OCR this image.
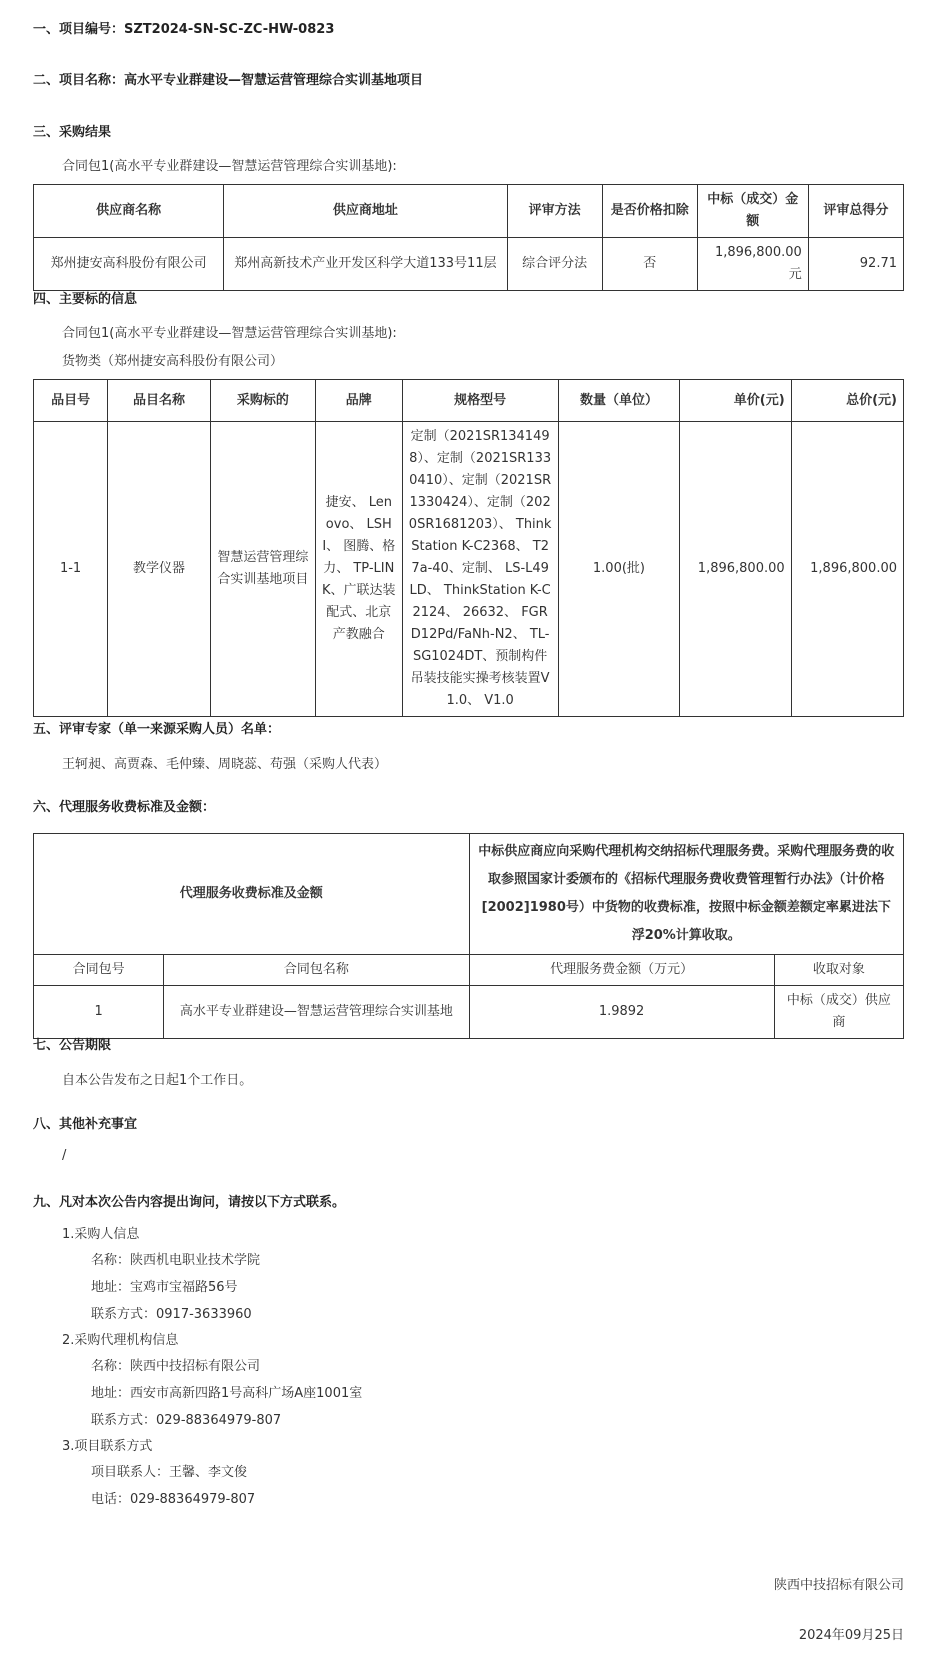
一、项目编号：SZT2024-SN-SC-ZC-HW-0823
二、项目名称：高水平专业群建设—智慧运营管理综合实训基地项目
三、采购结果
合同包1(高水平专业群建设—智慧运营管理综合实训基地):
供应商名称	供应商地址	评审方法	是否价格扣除	中标（成交）金额	评审总得分
郑州捷安高科股份有限公司	郑州高新技术产业开发区科学大道133号11层	综合评分法	否	1,896,800.00元	92.71
四、主要标的信息
合同包1(高水平专业群建设—智慧运营管理综合实训基地):
货物类（郑州捷安高科股份有限公司）
品目号	品目名称	采购标的	品牌	规格型号	数量（单位）	单价(元)	总价(元)
1-1	教学仪器	智慧运营管理综合实训基地项目	捷安、 Lenovo、 LSHI、 图腾、格力、 TP-LINK、广联达装配式、北京产教融合	定制（2021SR1341498）、定制（2021SR1330410）、定制（2021SR1330424）、定制（2020SR1681203）、 ThinkStation K-C2368、 T27a-40、定制、 LS-L49LD、 ThinkStation K-C2124、 26632、 FGRD12Pd/FaNh-N2、 TL-SG1024DT、预制构件吊装技能实操考核装置V1.0、 V1.0	1.00(批)	1,896,800.00	1,896,800.00
五、评审专家（单一来源采购人员）名单：
王轲昶、高贾森、毛仲臻、周晓蕊、苟强（采购人代表）
六、代理服务收费标准及金额：
代理服务收费标准及金额		中标供应商应向采购代理机构交纳招标代理服务费。采购代理服务费的收取参照国家计委颁布的《招标代理服务费收费管理暂行办法》（计价格[2002]1980号）中货物的收费标准，按照中标金额差额定率累进法下浮20%计算收取。	
合同包号	合同包名称	代理服务费金额（万元）	收取对象
1	高水平专业群建设—智慧运营管理综合实训基地	1.9892	中标（成交）供应商
七、公告期限
自本公告发布之日起1个工作日。
八、其他补充事宜
/
九、凡对本次公告内容提出询问，请按以下方式联系。
1.采购人信息
名称：陕西机电职业技术学院
地址：宝鸡市宝福路56号
联系方式：0917-3633960
2.采购代理机构信息
名称：陕西中技招标有限公司
地址：西安市高新四路1号高科广场A座1001室
联系方式：029-88364979-807
3.项目联系方式
项目联系人：王馨、李文俊
电话：029-88364979-807
陕西中技招标有限公司
2024年09月25日
